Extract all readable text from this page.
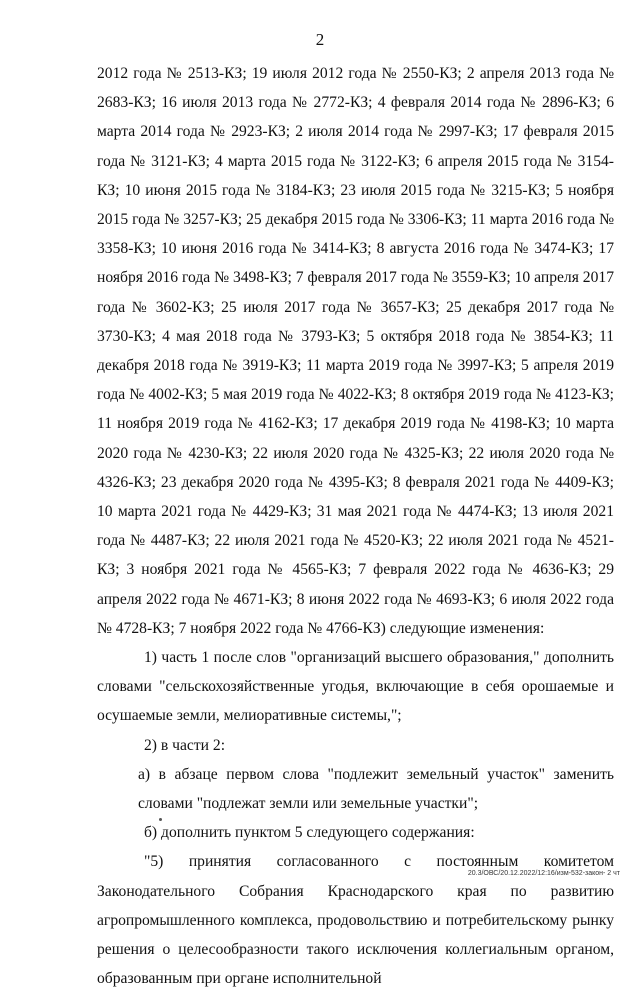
2

2012 года № 2513-КЗ; 19 июля 2012 года № 2550-КЗ; 2 апреля 2013 года № 2683-КЗ; 16 июля 2013 года № 2772-КЗ; 4 февраля 2014 года № 2896-КЗ; 6 марта 2014 года № 2923-КЗ; 2 июля 2014 года № 2997-КЗ; 17 февраля 2015 года № 3121-КЗ; 4 марта 2015 года № 3122-КЗ; 6 апреля 2015 года № 3154-КЗ; 10 июня 2015 года № 3184-КЗ; 23 июля 2015 года № 3215-КЗ; 5 ноября 2015 года № 3257-КЗ; 25 декабря 2015 года № 3306-КЗ; 11 марта 2016 года № 3358-КЗ; 10 июня 2016 года № 3414-КЗ; 8 августа 2016 года № 3474-КЗ; 17 ноября 2016 года № 3498-КЗ; 7 февраля 2017 года № 3559-КЗ; 10 апреля 2017 года № 3602-КЗ; 25 июля 2017 года № 3657-КЗ; 25 декабря 2017 года № 3730-КЗ; 4 мая 2018 года № 3793-КЗ; 5 октября 2018 года № 3854-КЗ; 11 декабря 2018 года № 3919-КЗ; 11 марта 2019 года № 3997-КЗ; 5 апреля 2019 года № 4002-КЗ; 5 мая 2019 года № 4022-КЗ; 8 октября 2019 года № 4123-КЗ; 11 ноября 2019 года № 4162-КЗ; 17 декабря 2019 года № 4198-КЗ; 10 марта 2020 года № 4230-КЗ; 22 июля 2020 года № 4325-КЗ; 22 июля 2020 года № 4326-КЗ; 23 декабря 2020 года № 4395-КЗ; 8 февраля 2021 года № 4409-КЗ; 10 марта 2021 года № 4429-КЗ; 31 мая 2021 года № 4474-КЗ; 13 июля 2021 года № 4487-КЗ; 22 июля 2021 года № 4520-КЗ; 22 июля 2021 года № 4521-КЗ; 3 ноября 2021 года № 4565-КЗ; 7 февраля 2022 года № 4636-КЗ; 29 апреля 2022 года № 4671-КЗ; 8 июня 2022 года № 4693-КЗ; 6 июля 2022 года № 4728-КЗ; 7 ноября 2022 года № 4766-КЗ) следующие изменения:

1) часть 1 после слов "организаций высшего образования," дополнить словами "сельскохозяйственные угодья, включающие в себя орошаемые и осушаемые земли, мелиоративные системы,";

2) в части 2:

а) в абзаце первом слова "подлежит земельный участок" заменить словами "подлежат земли или земельные участки";

б) дополнить пунктом 5 следующего содержания:

"5) принятия согласованного с постоянным комитетом Законодательного Собрания Краснодарского края по развитию агропромышленного комплекса, продовольствию и потребительскому рынку решения о целесообразности такого исключения коллегиальным органом, образованным при органе исполнительной

20.3/ОВС/20.12.2022/12:16/изм-532-закон- 2 чт
